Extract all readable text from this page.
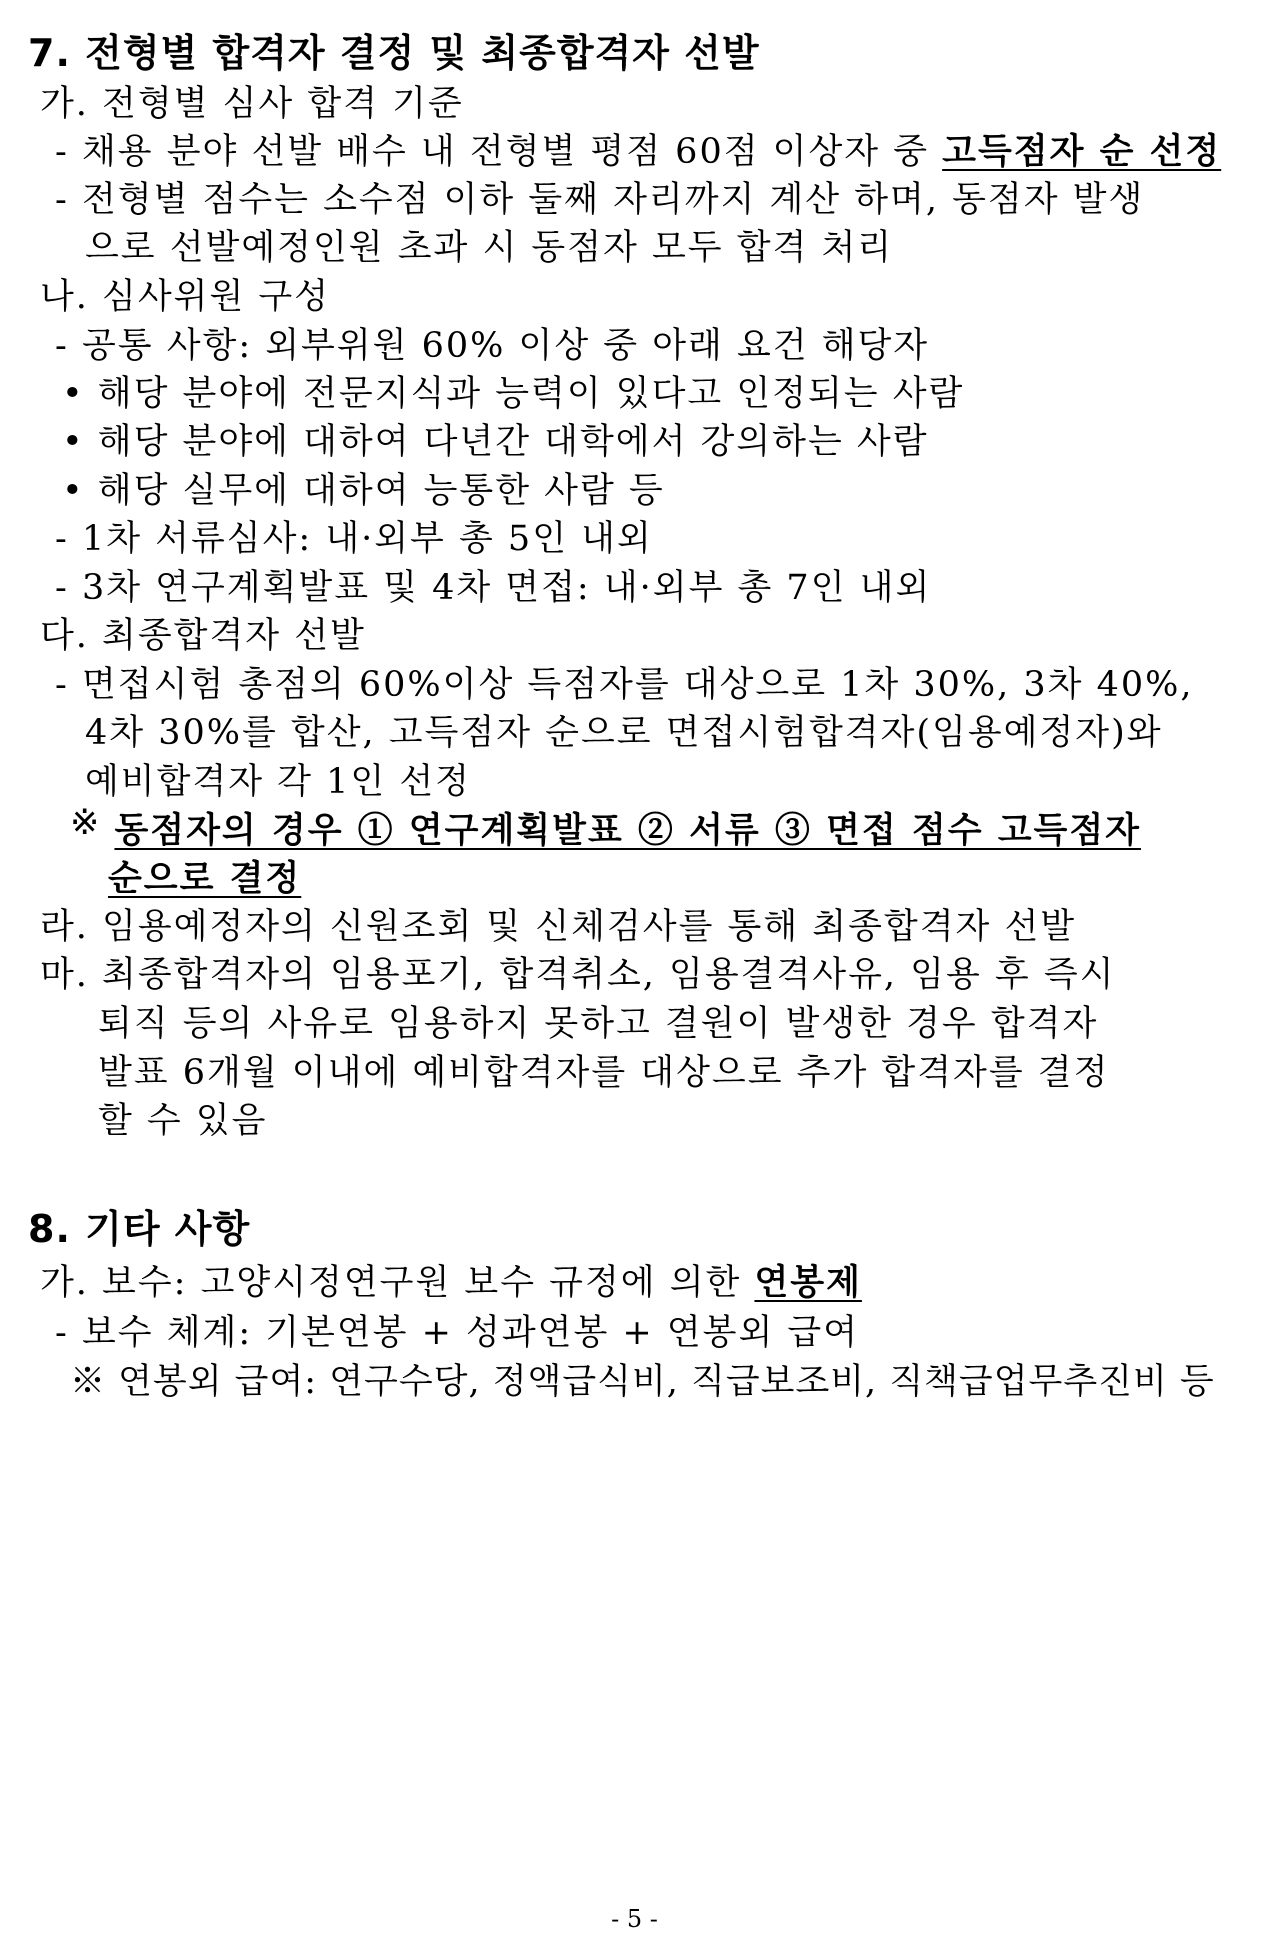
7. 전형별 합격자 결정 및 최종합격자 선발
가. 전형별 심사 합격 기준
- 채용 분야 선발 배수 내 전형별 평점 60점 이상자 중 고득점자 순 선정
- 전형별 점수는 소수점 이하 둘째 자리까지 계산 하며, 동점자 발생
으로 선발예정인원 초과 시 동점자 모두 합격 처리
나. 심사위원 구성
- 공통 사항: 외부위원 60% 이상 중 아래 요건 해당자
• 해당 분야에 전문지식과 능력이 있다고 인정되는 사람
• 해당 분야에 대하여 다년간 대학에서 강의하는 사람
• 해당 실무에 대하여 능통한 사람 등
- 1차 서류심사: 내·외부 총 5인 내외
- 3차 연구계획발표 및 4차 면접: 내·외부 총 7인 내외
다. 최종합격자 선발
- 면접시험 총점의 60%이상 득점자를 대상으로 1차 30%, 3차 40%,
4차 30%를 합산, 고득점자 순으로 면접시험합격자(임용예정자)와
예비합격자 각 1인 선정
※ 동점자의 경우 ① 연구계획발표 ② 서류 ③ 면접 점수 고득점자
순으로 결정
라. 임용예정자의 신원조회 및 신체검사를 통해 최종합격자 선발
마. 최종합격자의 임용포기, 합격취소, 임용결격사유, 임용 후 즉시
퇴직 등의 사유로 임용하지 못하고 결원이 발생한 경우 합격자
발표 6개월 이내에 예비합격자를 대상으로 추가 합격자를 결정
할 수 있음
8. 기타 사항
가. 보수: 고양시정연구원 보수 규정에 의한 연봉제
- 보수 체계: 기본연봉 + 성과연봉 + 연봉외 급여
※ 연봉외 급여: 연구수당, 정액급식비, 직급보조비, 직책급업무추진비 등
- 5 -
